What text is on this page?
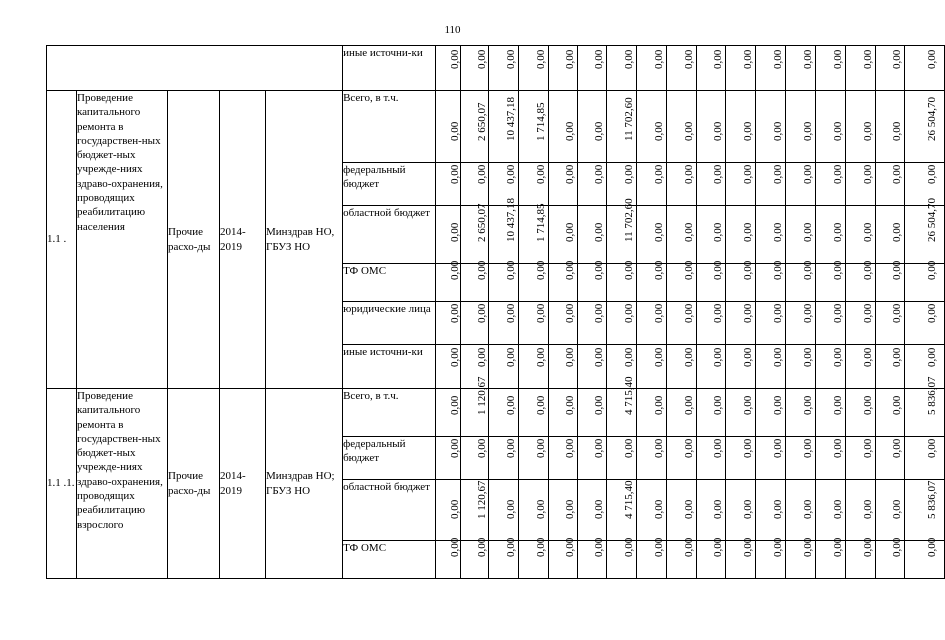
110
					иные источни-ки	0,00	0,00	0,00	0,00	0,00	0,00	0,00	0,00	0,00	0,00	0,00	0,00	0,00	0,00	0,00	0,00	0,00

1.1 .	Проведение капитального ремонта в государствен-ных бюджет-ных учрежде-ниях здраво-охранения, проводящих реабилитацию населения	Прочие расхо-ды	2014-2019	Минздрав НО, ГБУЗ НО	Всего, в т.ч.	0,00	2 650,07	10 437,18	1 714,85	0,00	0,00	11 702,60	0,00	0,00	0,00	0,00	0,00	0,00	0,00	0,00	0,00	26 504,70

					федеральный бюджет	0,00	0,00	0,00	0,00	0,00	0,00	0,00	0,00	0,00	0,00	0,00	0,00	0,00	0,00	0,00	0,00	0,00

					областной бюджет	0,00	2 650,07	10 437,18	1 714,85	0,00	0,00	11 702,60	0,00	0,00	0,00	0,00	0,00	0,00	0,00	0,00	0,00	26 504,70

					ТФ ОМС	0,00	0,00	0,00	0,00	0,00	0,00	0,00	0,00	0,00	0,00	0,00	0,00	0,00	0,00	0,00	0,00	0,00

					юридические лица	0,00	0,00	0,00	0,00	0,00	0,00	0,00	0,00	0,00	0,00	0,00	0,00	0,00	0,00	0,00	0,00	0,00

					иные источни-ки	0,00	0,00	0,00	0,00	0,00	0,00	0,00	0,00	0,00	0,00	0,00	0,00	0,00	0,00	0,00	0,00	0,00

1.1 .1.	Проведение капитального ремонта в государствен-ных бюджет-ных учрежде-ниях здраво-охранения, проводящих реабилитацию взрослого	Прочие расхо-ды	2014-2019	Минздрав НО; ГБУЗ НО	Всего, в т.ч.	0,00	1 120,67	0,00	0,00	0,00	0,00	4 715,40	0,00	0,00	0,00	0,00	0,00	0,00	0,00	0,00	0,00	5 836,07

					федеральный бюджет	0,00	0,00	0,00	0,00	0,00	0,00	0,00	0,00	0,00	0,00	0,00	0,00	0,00	0,00	0,00	0,00	0,00

					областной бюджет	0,00	1 120,67	0,00	0,00	0,00	0,00	4 715,40	0,00	0,00	0,00	0,00	0,00	0,00	0,00	0,00	0,00	5 836,07

					ТФ ОМС	0,00	0,00	0,00	0,00	0,00	0,00	0,00	0,00	0,00	0,00	0,00	0,00	0,00	0,00	0,00	0,00	0,00
